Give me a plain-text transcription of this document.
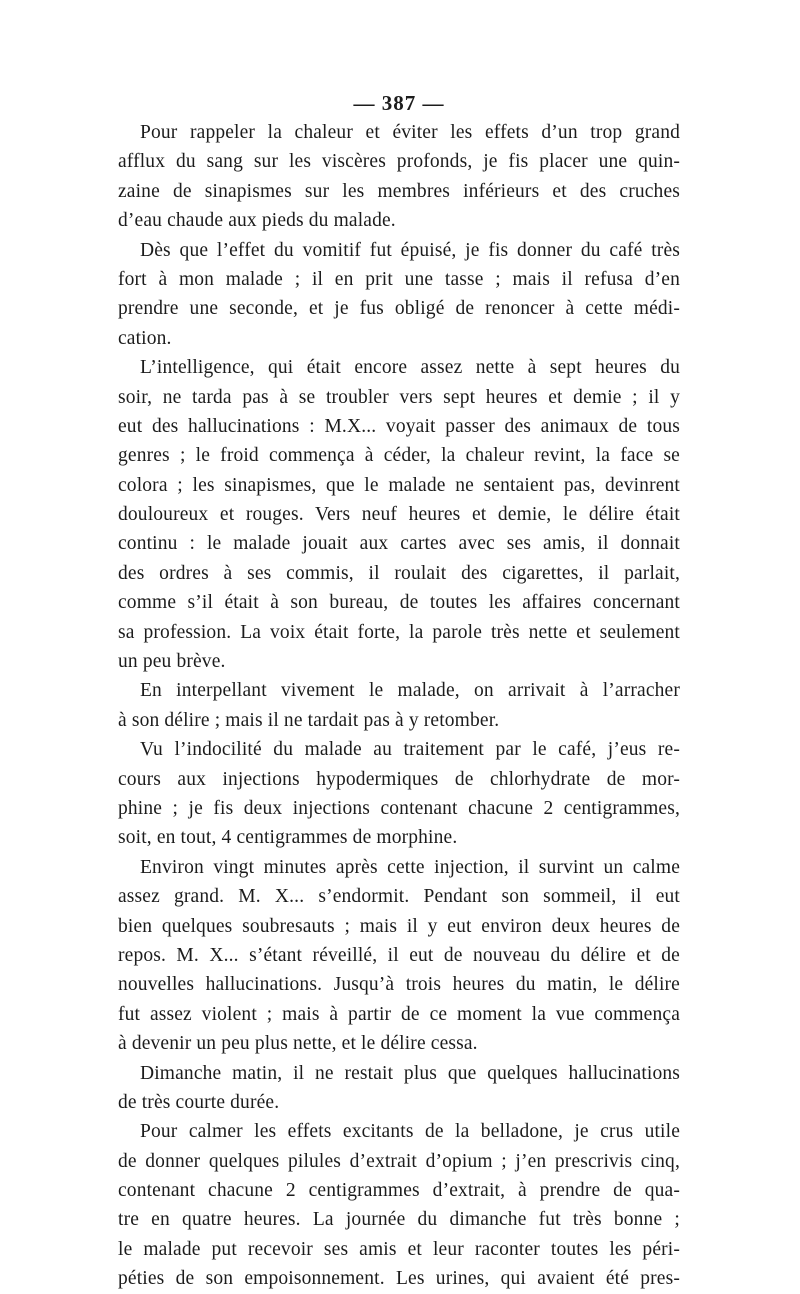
— 387 —
Pour rappeler la chaleur et éviter les effets d’un trop grand
afflux du sang sur les viscères profonds, je fis placer une quin-
zaine de sinapismes sur les membres inférieurs et des cruches
d’eau chaude aux pieds du malade.
Dès que l’effet du vomitif fut épuisé, je fis donner du café très
fort à mon malade ; il en prit une tasse ; mais il refusa d’en
prendre une seconde, et je fus obligé de renoncer à cette médi-
cation.
L’intelligence, qui était encore assez nette à sept heures du
soir, ne tarda pas à se troubler vers sept heures et demie ; il y
eut des hallucinations : M.X... voyait passer des animaux de tous
genres ; le froid commença à céder, la chaleur revint, la face se
colora ; les sinapismes, que le malade ne sentaient pas, devinrent
douloureux et rouges. Vers neuf heures et demie, le délire était
continu : le malade jouait aux cartes avec ses amis, il donnait
des ordres à ses commis, il roulait des cigarettes, il parlait,
comme s’il était à son bureau, de toutes les affaires concernant
sa profession. La voix était forte, la parole très nette et seulement
un peu brève.
En interpellant vivement le malade, on arrivait à l’arracher
à son délire ; mais il ne tardait pas à y retomber.
Vu l’indocilité du malade au traitement par le café, j’eus re-
cours aux injections hypodermiques de chlorhydrate de mor-
phine ; je fis deux injections contenant chacune 2 centigrammes,
soit, en tout, 4 centigrammes de morphine.
Environ vingt minutes après cette injection, il survint un calme
assez grand. M. X... s’endormit. Pendant son sommeil, il eut
bien quelques soubresauts ; mais il y eut environ deux heures de
repos. M. X... s’étant réveillé, il eut de nouveau du délire et de
nouvelles hallucinations. Jusqu’à trois heures du matin, le délire
fut assez violent ; mais à partir de ce moment la vue commença
à devenir un peu plus nette, et le délire cessa.
Dimanche matin, il ne restait plus que quelques hallucinations
de très courte durée.
Pour calmer les effets excitants de la belladone, je crus utile
de donner quelques pilules d’extrait d’opium ; j’en prescrivis cinq,
contenant chacune 2 centigrammes d’extrait, à prendre de qua-
tre en quatre heures. La journée du dimanche fut très bonne ;
le malade put recevoir ses amis et leur raconter toutes les péri-
péties de son empoisonnement. Les urines, qui avaient été pres-
